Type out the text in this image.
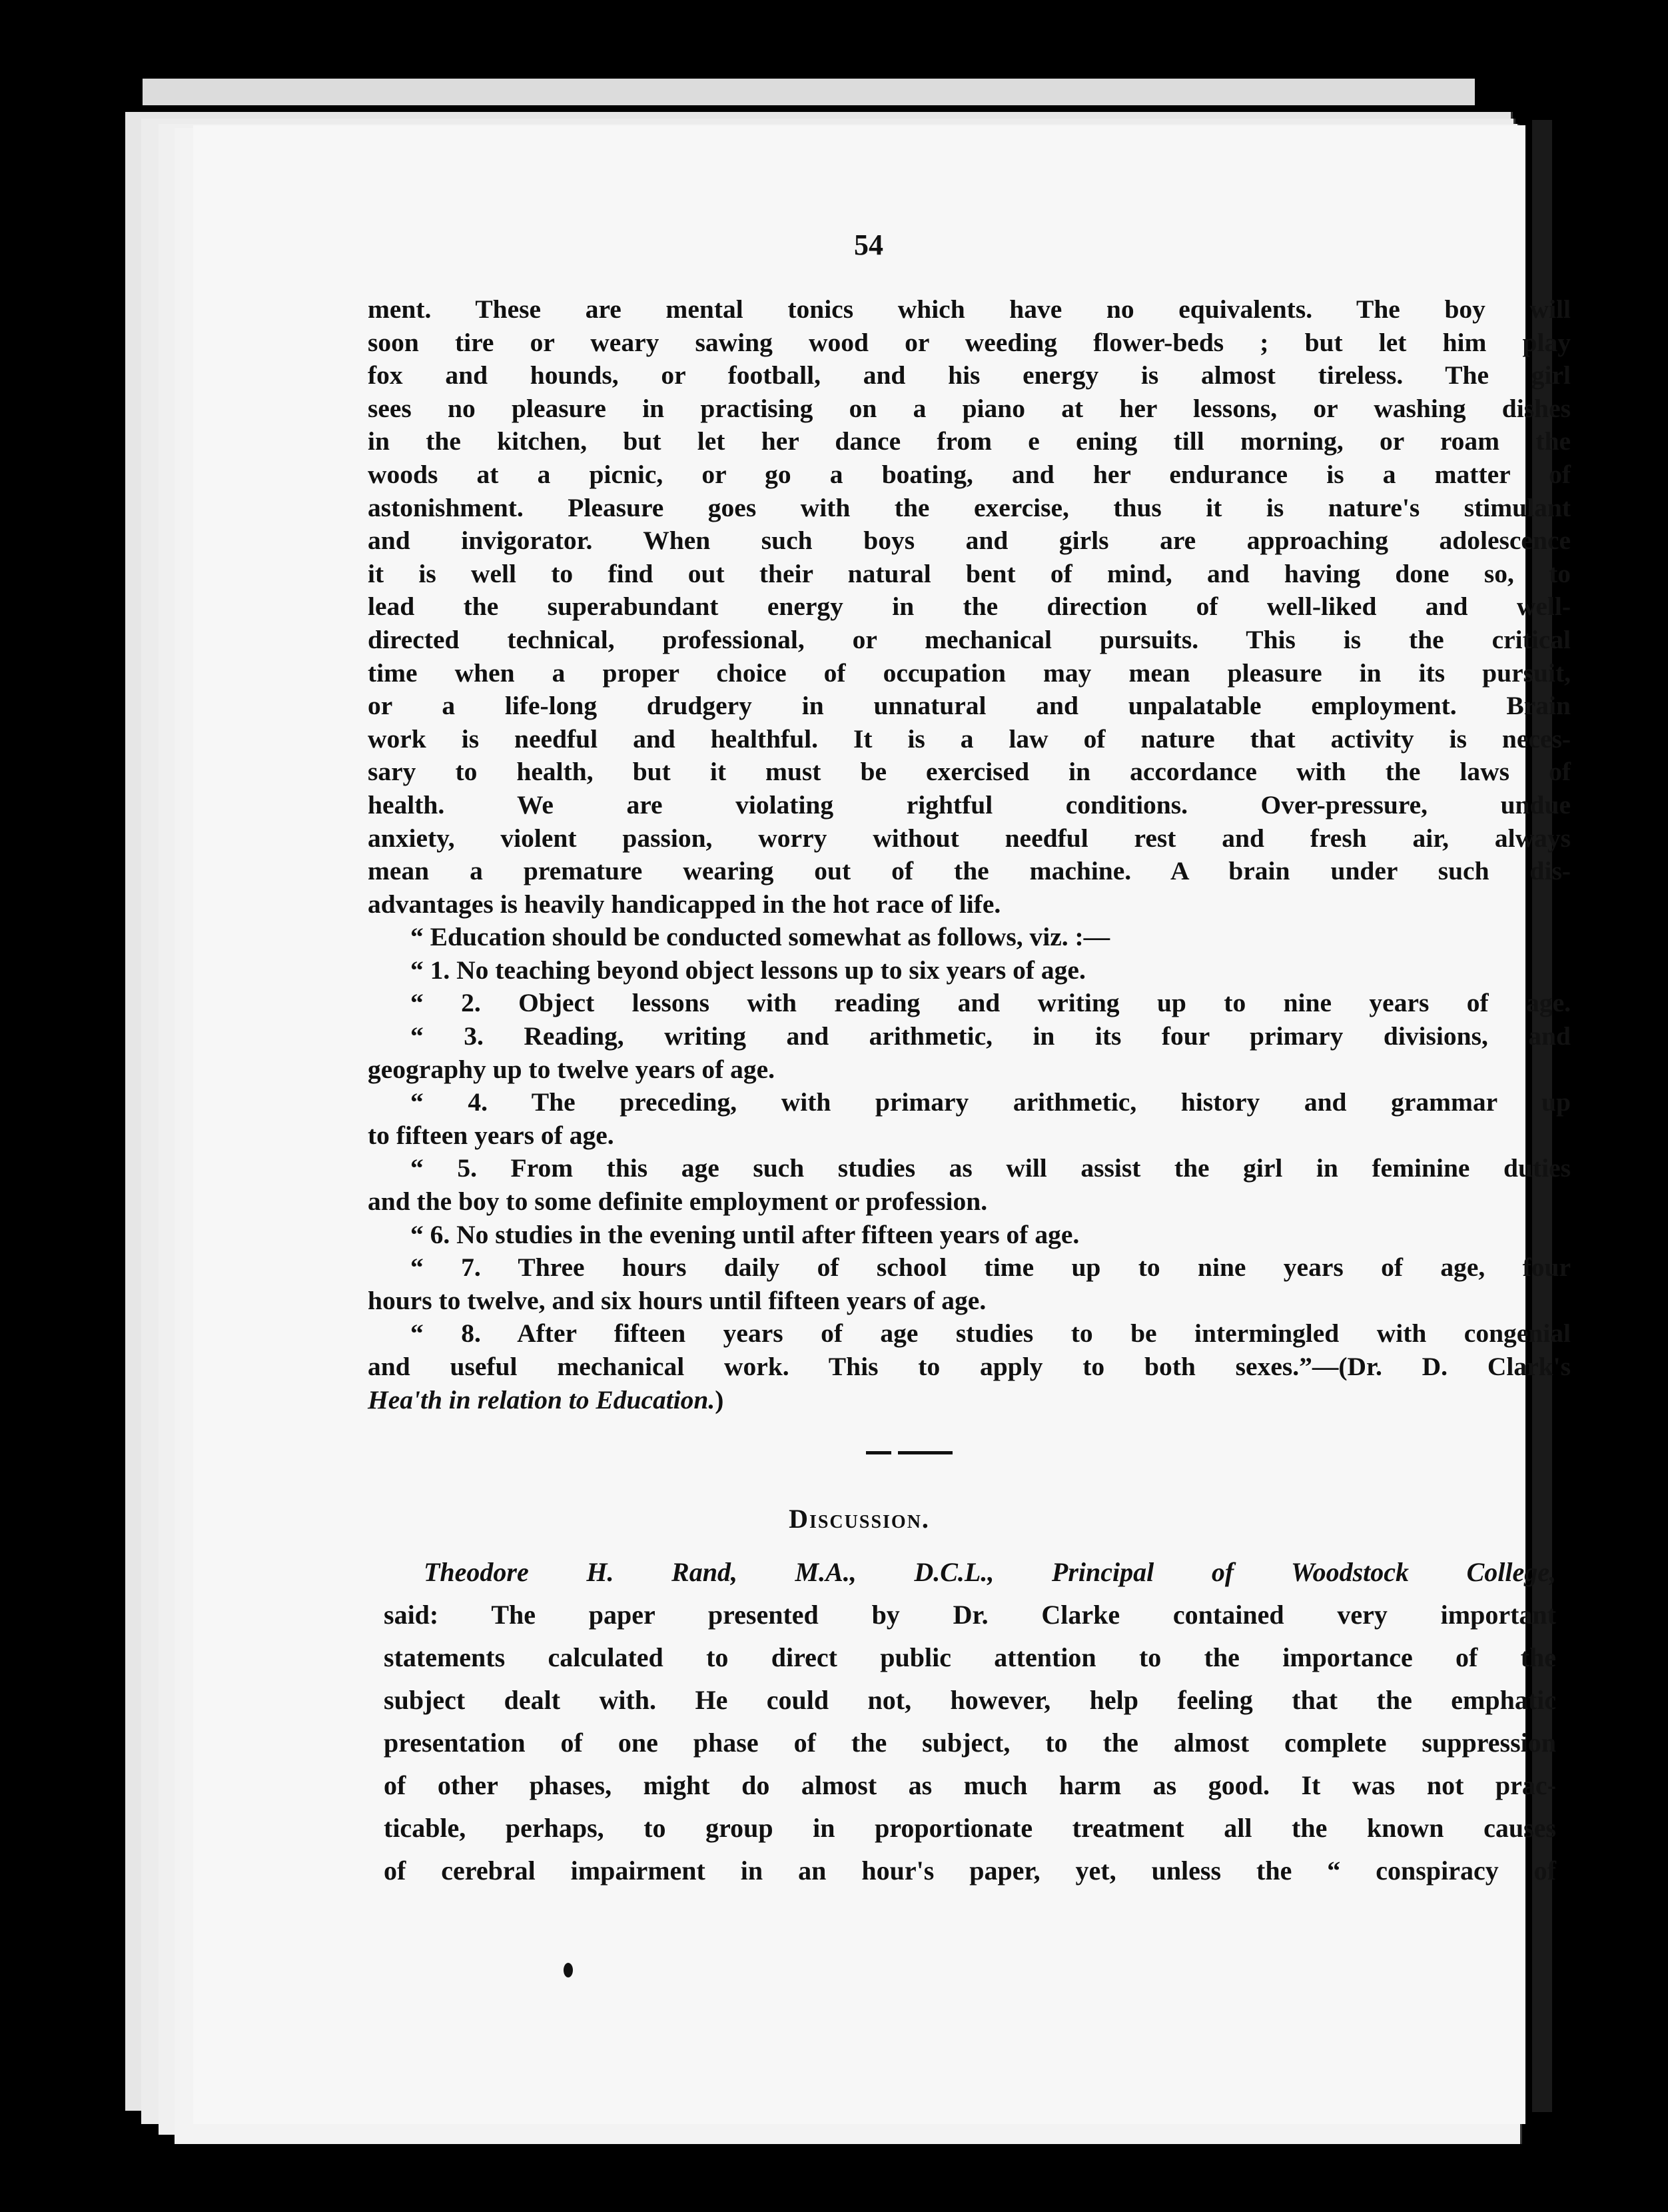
54
ment. These are mental tonics which have no equivalents. The boy will
soon tire or weary sawing wood or weeding flower-beds ; but let him play
fox and hounds, or football, and his energy is almost tireless. The girl
sees no pleasure in practising on a piano at her lessons, or washing dishes
in the kitchen, but let her dance from e ening till morning, or roam the
woods at a picnic, or go a boating, and her endurance is a matter of
astonishment. Pleasure goes with the exercise, thus it is nature's stimulant
and invigorator. When such boys and girls are approaching adolescence
it is well to find out their natural bent of mind, and having done so, to
lead the superabundant energy in the direction of well-liked and well-
directed technical, professional, or mechanical pursuits. This is the critical
time when a proper choice of occupation may mean pleasure in its pursuit,
or a life-long drudgery in unnatural and unpalatable employment. Brain
work is needful and healthful. It is a law of nature that activity is neces-
sary to health, but it must be exercised in accordance with the laws of
health. We are violating rightful conditions. Over-pressure, undue
anxiety, violent passion, worry without needful rest and fresh air, always
mean a premature wearing out of the machine. A brain under such dis-
advantages is heavily handicapped in the hot race of life.
“ Education should be conducted somewhat as follows, viz. :—
“ 1. No teaching beyond object lessons up to six years of age.
“ 2. Object lessons with reading and writing up to nine years of age.
“ 3. Reading, writing and arithmetic, in its four primary divisions, and
geography up to twelve years of age.
“ 4. The preceding, with primary arithmetic, history and grammar up
to fifteen years of age.
“ 5. From this age such studies as will assist the girl in feminine duties
and the boy to some definite employment or profession.
“ 6. No studies in the evening until after fifteen years of age.
“ 7. Three hours daily of school time up to nine years of age, four
hours to twelve, and six hours until fifteen years of age.
“ 8. After fifteen years of age studies to be intermingled with congenial
and useful mechanical work. This to apply to both sexes.”—(Dr. D. Clark's
Hea'th in relation to Education.)
Discussion.
Theodore H. Rand, M.A., D.C.L., Principal of Woodstock College,
said: The paper presented by Dr. Clarke contained very important
statements calculated to direct public attention to the importance of the
subject dealt with. He could not, however, help feeling that the emphatic
presentation of one phase of the subject, to the almost complete suppression
of other phases, might do almost as much harm as good. It was not prac-
ticable, perhaps, to group in proportionate treatment all the known causes
of cerebral impairment in an hour's paper, yet, unless the “ conspiracy of
